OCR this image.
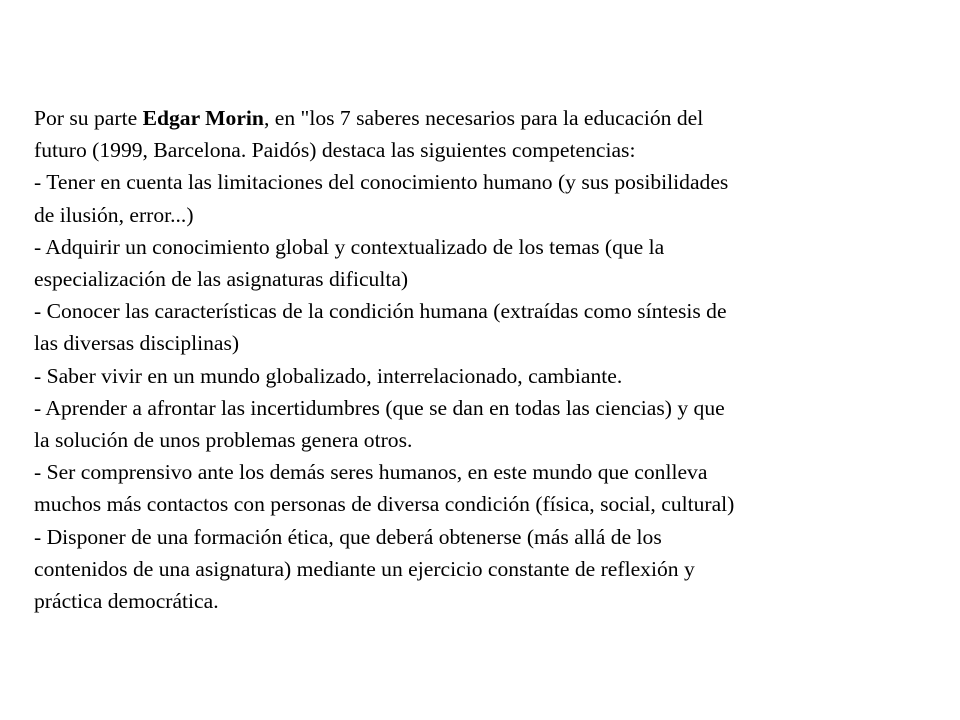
Por su parte Edgar Morin, en "los 7 saberes necesarios para la educación del
futuro (1999, Barcelona. Paidós) destaca las siguientes competencias:
- Tener en cuenta las limitaciones del conocimiento humano (y sus posibilidades
de ilusión, error...)
- Adquirir un conocimiento global y contextualizado de los temas (que la
especialización de las asignaturas dificulta)
- Conocer las características de la condición humana (extraídas como síntesis de
las diversas disciplinas)
- Saber vivir en un mundo globalizado, interrelacionado, cambiante.
- Aprender a afrontar las incertidumbres (que se dan en todas las ciencias) y que
la solución de unos problemas genera otros.
- Ser comprensivo ante los demás seres humanos, en este mundo que conlleva
muchos más contactos con personas de diversa condición (física, social, cultural)
- Disponer de una formación ética, que deberá obtenerse (más allá de los
contenidos de una asignatura) mediante un ejercicio constante de reflexión y
práctica democrática.
